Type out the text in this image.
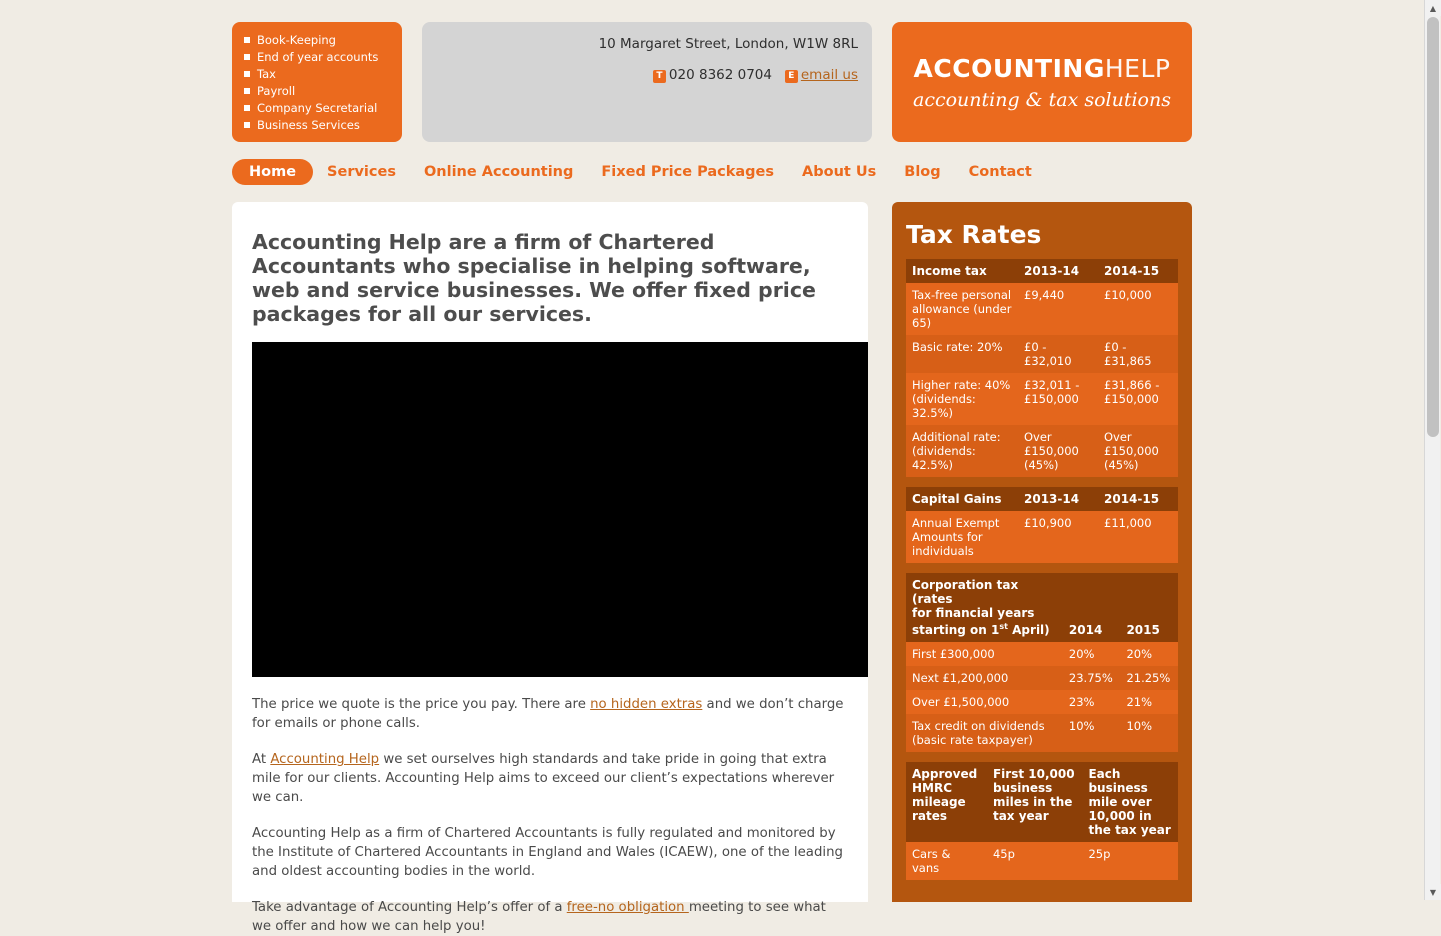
Book-Keeping
End of year accounts
Tax
Payroll
Company Secretarial
Business Services
10 Margaret Street, London, W1W 8RL
T 020 8362 0704 E email us	ACCOUNTINGHELP
accounting & tax solutions
Home	Services	Online Accounting	Fixed Price Packages	About Us	Blog	Contact
Accounting Help are a firm of Chartered Accountants who specialise in helping software, web and service businesses. We offer fixed price packages for all our services.

The price we quote is the price you pay. There are no hidden extras and we don’t charge for emails or phone calls.

At Accounting Help we set ourselves high standards and take pride in going that extra mile for our clients. Accounting Help aims to exceed our client’s expectations wherever we can.

Accounting Help as a firm of Chartered Accountants is fully regulated and monitored by the Institute of Chartered Accountants in England and Wales (ICAEW), one of the leading and oldest accounting bodies in the world.

Take advantage of Accounting Help’s offer of a free-no obligation meeting to see what we offer and how we can help you!

Tax Rates
Income tax	2013-14	2014-15
Tax-free personal allowance (under 65)	£9,440	£10,000
Basic rate: 20%	£0 - £32,010	£0 - £31,865
Higher rate: 40% (dividends: 32.5%)	£32,011 - £150,000	£31,866 - £150,000
Additional rate: (dividends: 42.5%)	Over £150,000 (45%)	Over £150,000 (45%)
Capital Gains	2013-14	2014-15
Annual Exempt Amounts for individuals	£10,900	£11,000
Corporation tax (rates
for financial years
starting on 1st April)	2014	2015
First £300,000	20%	20%
Next £1,200,000	23.75%	21.25%
Over £1,500,000	23%	21%
Tax credit on dividends (basic rate taxpayer)	10%	10%
Approved HMRC mileage rates	First 10,000 business miles in the tax year	Each business mile over 10,000 in the tax year
Cars & vans	45p	25p
▲
▼
